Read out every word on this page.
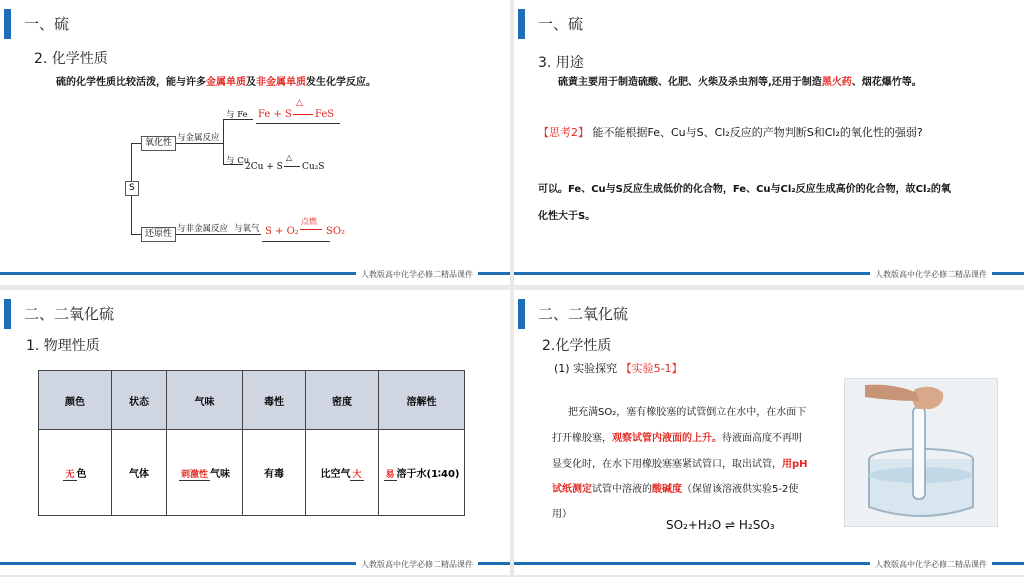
一、硫
2. 化学性质
硫的化学性质比较活泼，能与许多金属单质及非金属单质发生化学反应。
S
氧化性
还原性
与金属反应
与非金属反应
与 Fe
与 Cu
与氧气
Fe + S
△
FeS
2Cu + S
△
Cu₂S
S + O₂
点燃
SO₂
人教版高中化学必修二精品课件
一、硫
3. 用途
硫黄主要用于制造硫酸、化肥、火柴及杀虫剂等,还用于制造黑火药、烟花爆竹等。
【思考2】 能不能根据Fe、Cu与S、Cl₂反应的产物判断S和Cl₂的氧化性的强弱?
可以。Fe、Cu与S反应生成低价的化合物，Fe、Cu与Cl₂反应生成高价的化合物，故Cl₂的氧
化性大于S。
人教版高中化学必修二精品课件
二、二氧化硫
1. 物理性质
颜色	状态	气味	毒性	密度	溶解性
无 色	气体	刺激性 气味	有毒	比空气 大	易 溶于水(1∶40)
人教版高中化学必修二精品课件
二、二氧化硫
2.化学性质
(1) 实验探究 【实验5-1】
把充满SO₂，塞有橡胶塞的试管倒立在水中，在水面下
打开橡胶塞，观察试管内液面的上升。待液面高度不再明
显变化时，在水下用橡胶塞塞紧试管口，取出试管，用pH
试纸测定试管中溶液的酸碱度（保留该溶液供实验5-2使
用）
SO₂+H₂O ⇌ H₂SO₃
人教版高中化学必修二精品课件
